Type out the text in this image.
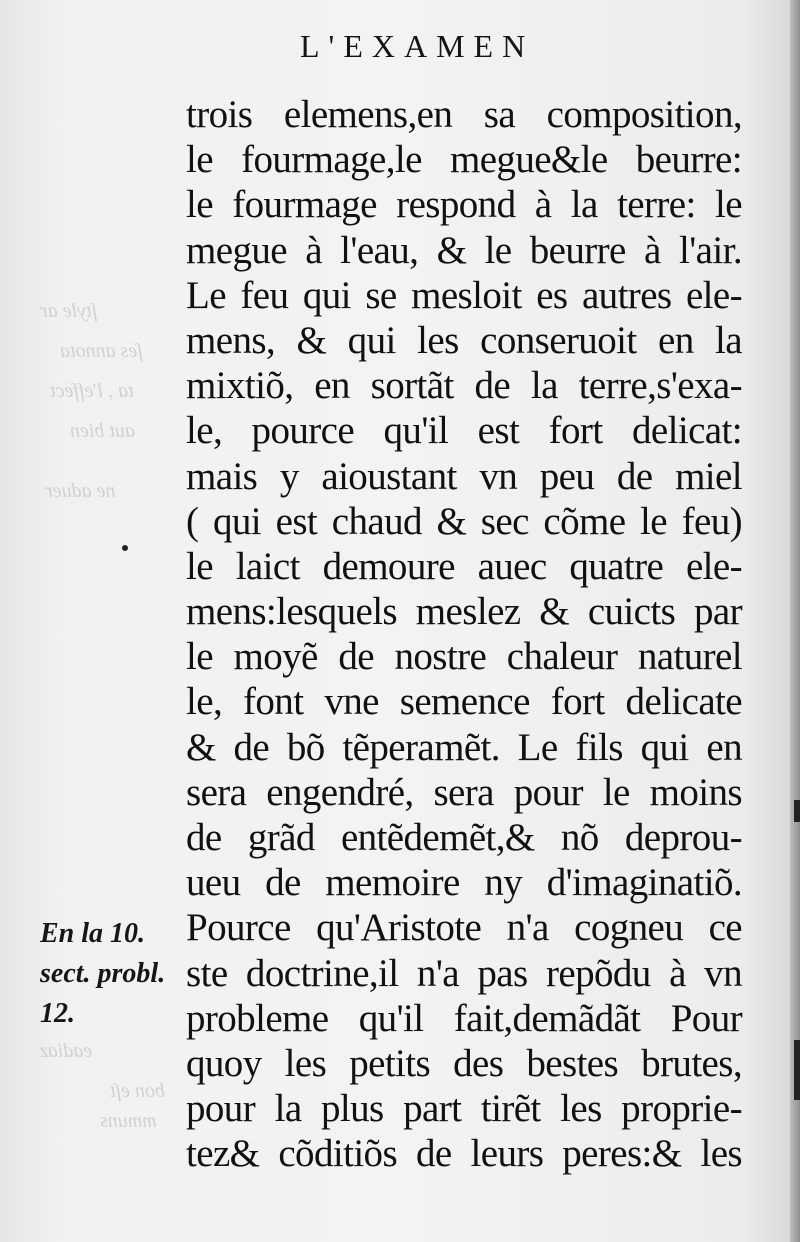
ſtyle ar
ſes annota
ta , l'effect
aut bien
ne aduer
eadiaz
bon eſt
mmuns
L'EXAMEN
En la 10.
sect. probl.
12.
trois elemens,en sa composition,
le fourmage,le megue&le beurre:
le fourmage respond à la terre: le
megue à l'eau, & le beurre à l'air.
Le feu qui se mesloit es autres ele-
mens, & qui les conseruoit en la
mixtiõ, en sortãt de la terre,s'exa-
le, pource qu'il est fort delicat:
mais y aioustant vn peu de miel
( qui est chaud & sec cõme le feu)
le laict demoure auec quatre ele-
mens:lesquels meslez & cuicts par
le moyẽ de nostre chaleur naturel
le, font vne semence fort delicate
& de bõ tẽperamẽt. Le fils qui en
sera engendré, sera pour le moins
de grãd entẽdemẽt,& nõ deprou-
ueu de memoire ny d'imaginatiõ.
Pource qu'Aristote n'a cogneu ce
ste doctrine,il n'a pas repõdu à vn
probleme qu'il fait,demãdãt Pour
quoy les petits des bestes brutes,
pour la plus part tirẽt les proprie-
tez& cõditiõs de leurs peres:& les
